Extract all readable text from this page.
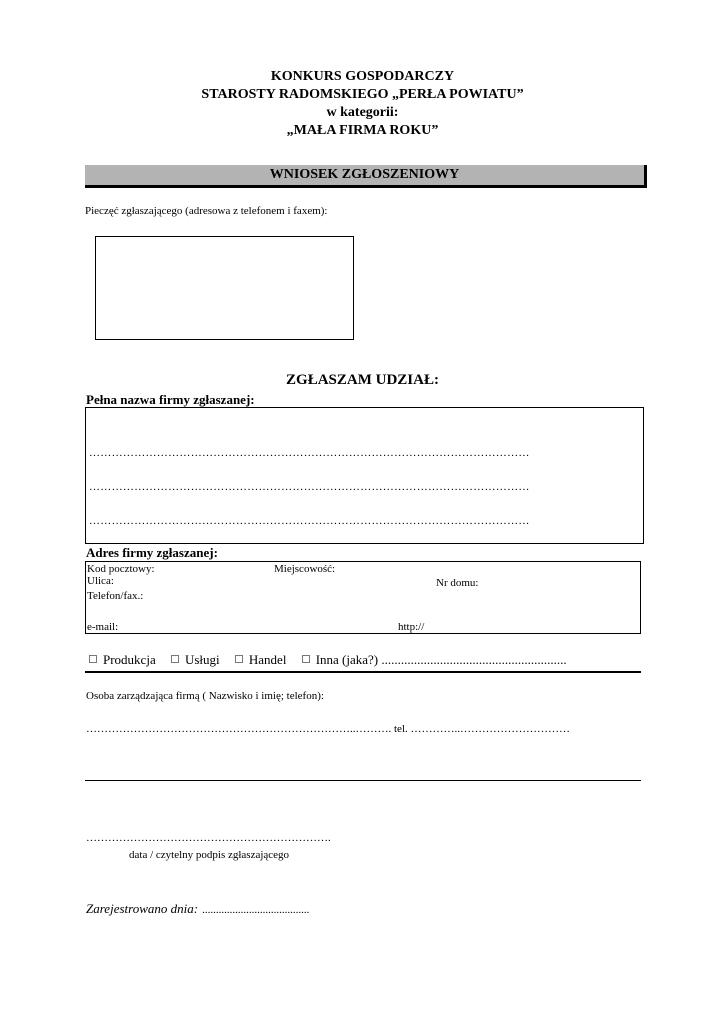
KONKURS GOSPODARCZY
STAROSTY RADOMSKIEGO „PERŁA POWIATU”
w kategorii:
„MAŁA FIRMA ROKU”
WNIOSEK ZGŁOSZENIOWY
Pieczęć zgłaszającego (adresowa z telefonem i faxem):
ZGŁASZAM UDZIAŁ:
Pełna nazwa firmy zgłaszanej:
………………………………………………………………………………………………………
………………………………………………………………………………………………………
………………………………………………………………………………………………………
Adres firmy zgłaszanej:
Kod pocztowy:	Miejscowość:
Ulica:	Nr domu:
Telefon/fax.:
e-mail:	http://
Produkcja Usługi Handel Inna (jaka?) .........................................................
Osoba zarządzająca firmą ( Nazwisko i imię; telefon):
………………………………………………………………..………. tel. …………..…………………………
………………………………………………………….
data / czytelny podpis zgłaszającego
Zarejestrowano dnia: .......................................
